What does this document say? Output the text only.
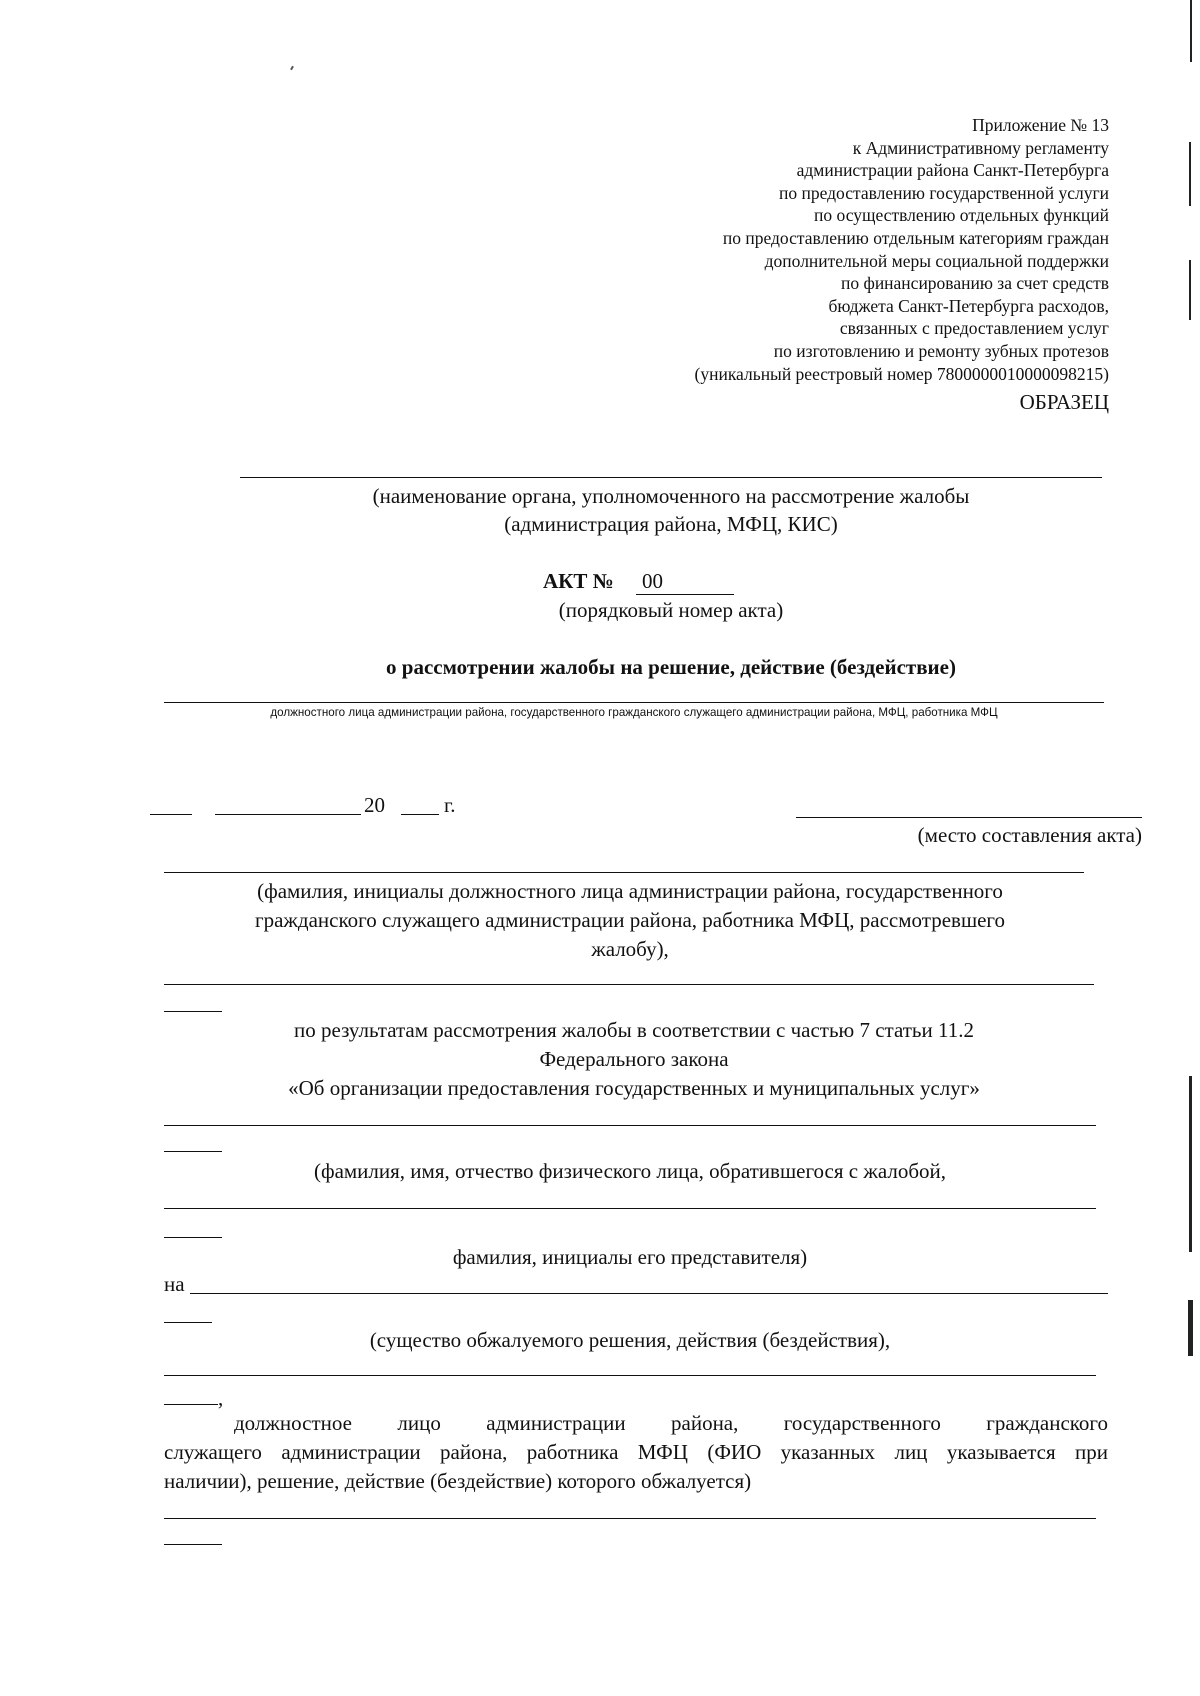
Приложение № 13
к Административному регламенту
администрации района Санкт-Петербурга
по предоставлению государственной услуги
по осуществлению отдельных функций
по предоставлению отдельным категориям граждан
дополнительной меры социальной поддержки
по финансированию за счет средств
бюджета Санкт-Петербурга расходов,
связанных с предоставлением услуг
по изготовлению и ремонту зубных протезов
(уникальный реестровый номер 7800000010000098215)
ОБРАЗЕЦ
(наименование органа, уполномоченного на рассмотрение жалобы
(администрация района, МФЦ, КИС)
АКТ № 00
(порядковый номер акта)
о рассмотрении жалобы на решение, действие (бездействие)
должностного лица администрации района, государственного гражданского служащего администрации района, МФЦ, работника МФЦ
20	г.
(место составления акта)
(фамилия, инициалы должностного лица администрации района, государственного
гражданского служащего администрации района, работника МФЦ, рассмотревшего
жалобу),
по результатам рассмотрения жалобы в соответствии с частью 7 статьи 11.2
Федерального закона
«Об организации предоставления государственных и муниципальных услуг»
(фамилия, имя, отчество физического лица, обратившегося с жалобой,
фамилия, инициалы его представителя)
на
(существо обжалуемого решения, действия (бездействия),
,
должностное лицо администрации района, государственного гражданского
служащего администрации района, работника МФЦ (ФИО указанных лиц указывается при
наличии), решение, действие (бездействие) которого обжалуется)
